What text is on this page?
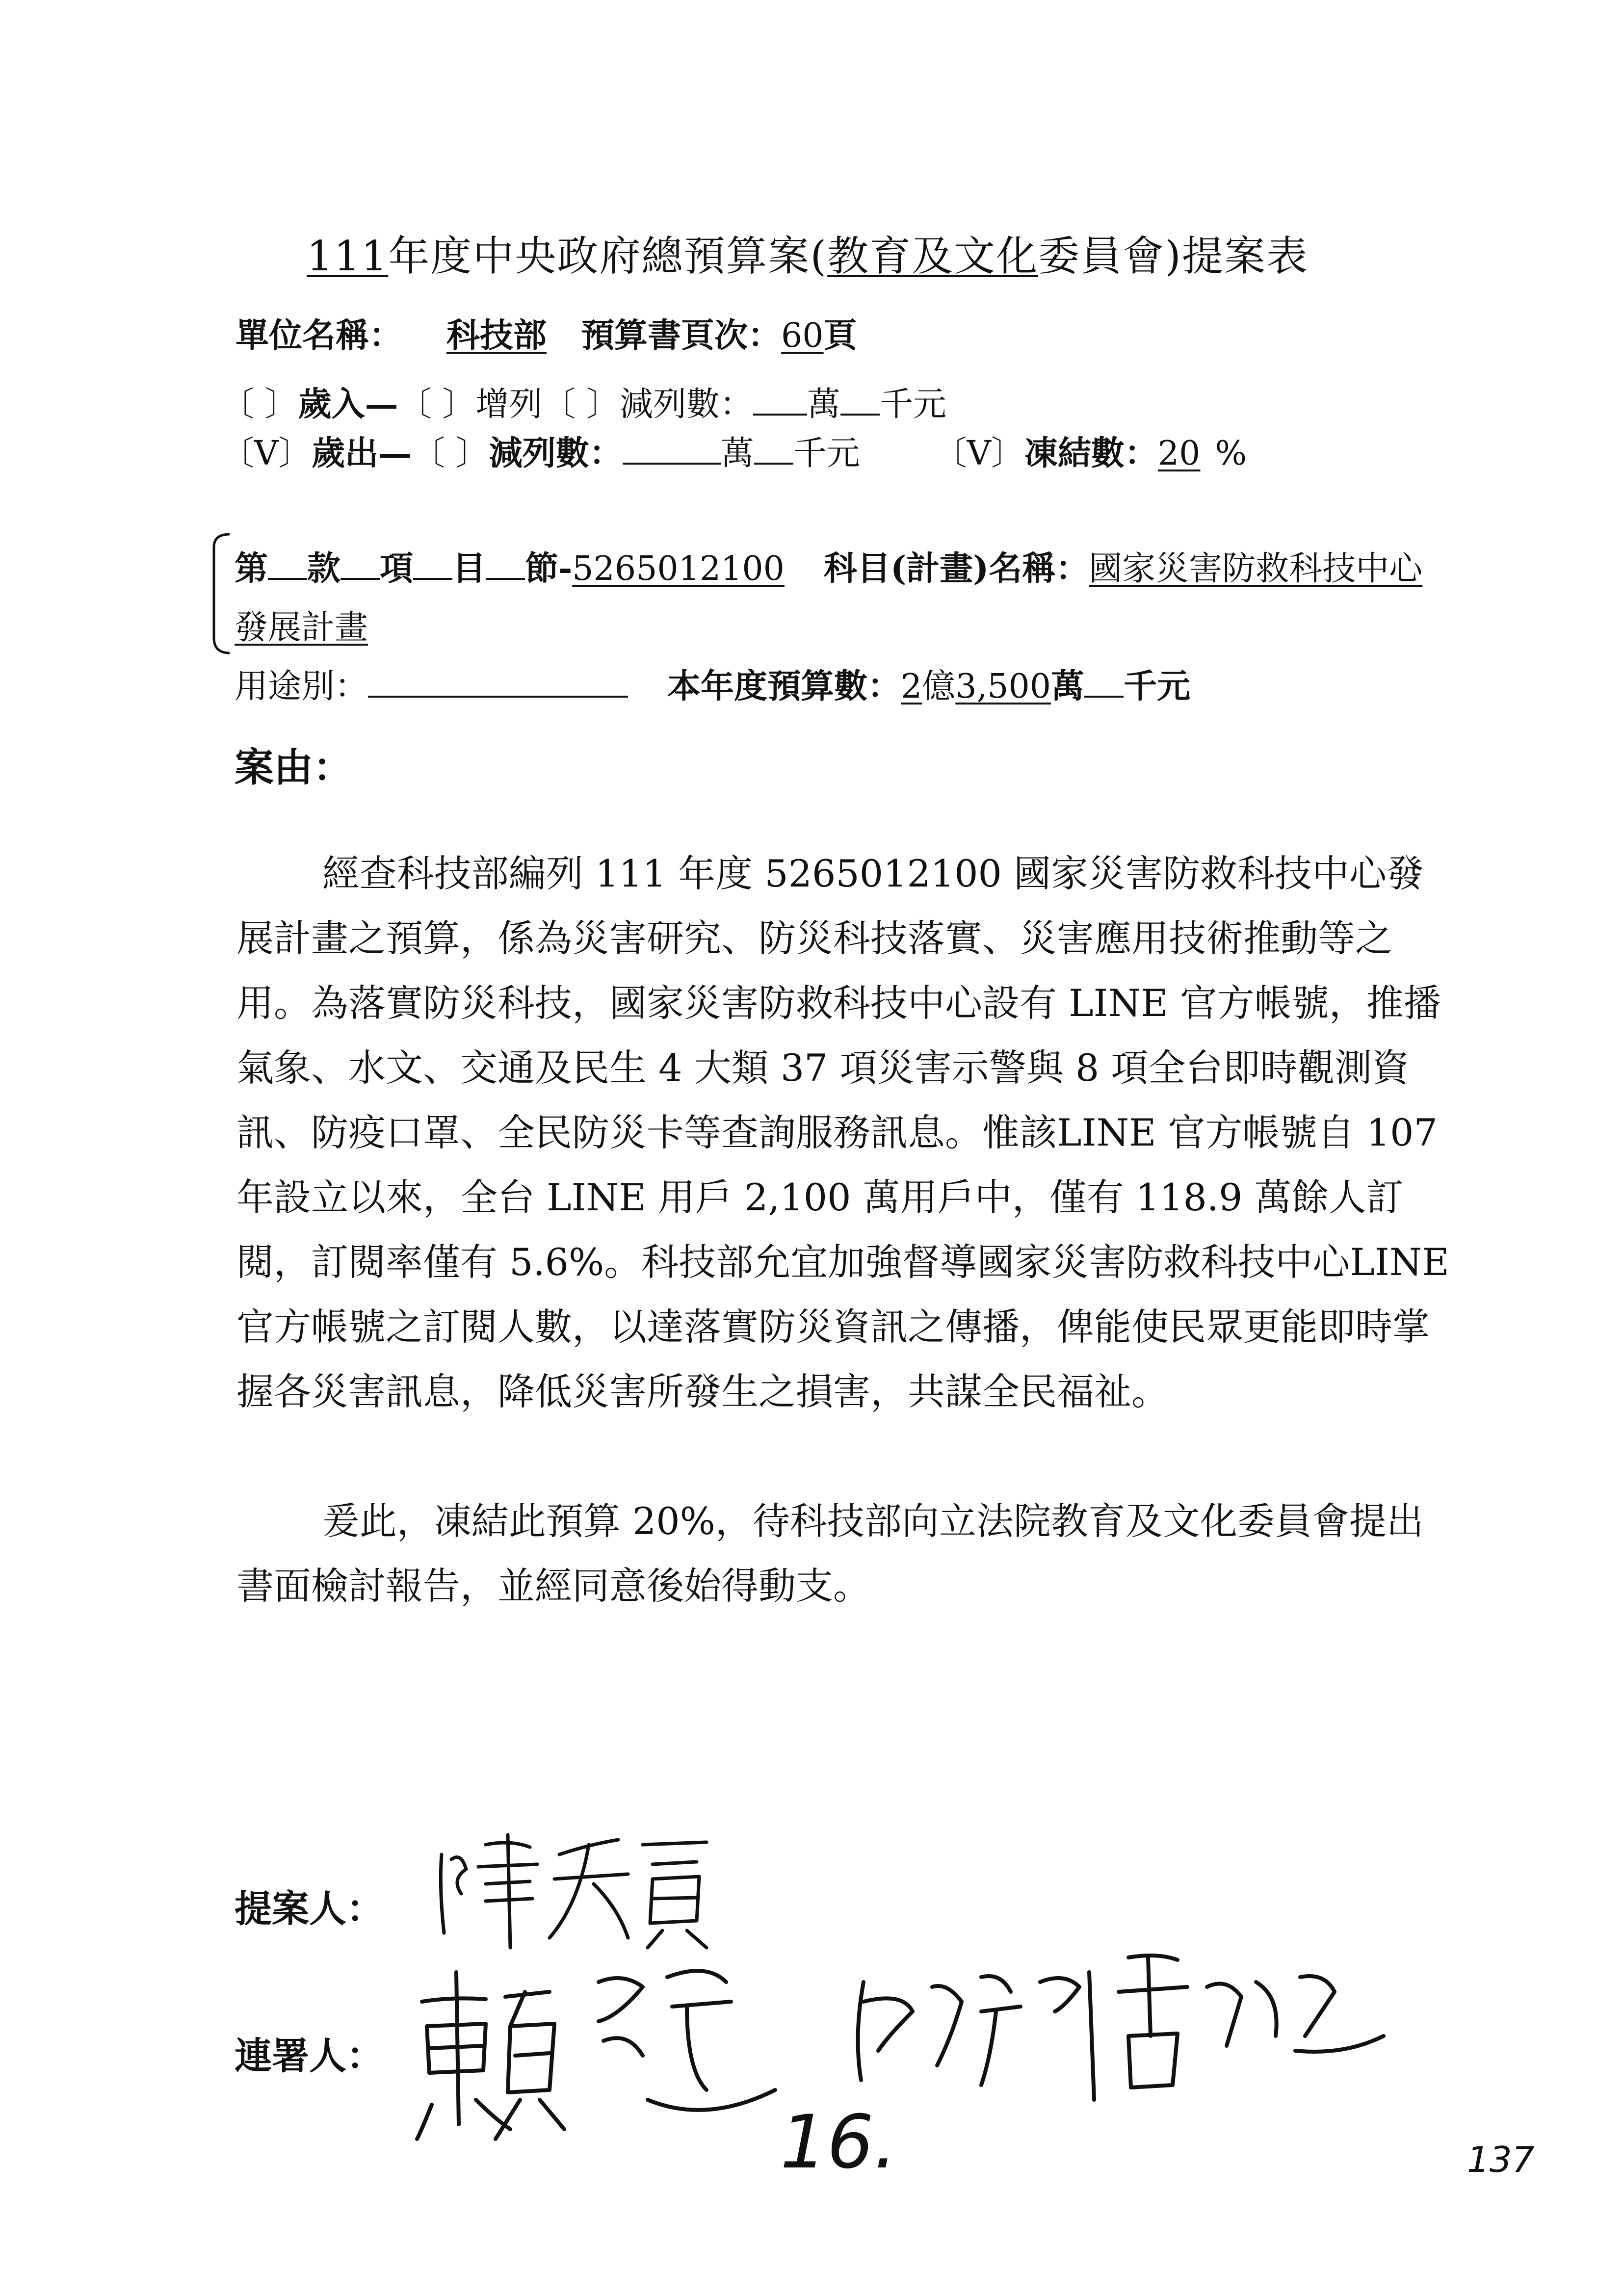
111年度中央政府總預算案(教育及文化委員會)提案表
單位名稱： 科技部 預算書頁次：60頁
〔 〕歲入—〔 〕增列〔 〕減列數： 萬 千元
〔V〕歲出—〔 〕減列數：	萬 千元 〔V〕凍結數：20 %
第 款 項 目 節-5265012100 科目(計畫)名稱：國家災害防救科技中心
發展計畫
用途別：	本年度預算數：2億3,500萬 千元
案由：

經查科技部編列 111 年度 5265012100 國家災害防救科技中心發展計畫之預算，係為災害研究、防災科技落實、災害應用技術推動等之用。為落實防災科技，國家災害防救科技中心設有 LINE 官方帳號，推播氣象、水文、交通及民生 4 大類 37 項災害示警與 8 項全台即時觀測資訊、防疫口罩、全民防災卡等查詢服務訊息。惟該LINE 官方帳號自 107 年設立以來，全台 LINE 用戶 2,100 萬用戶中，僅有 118.9 萬餘人訂閱，訂閱率僅有 5.6%。科技部允宜加強督導國家災害防救科技中心LINE 官方帳號之訂閱人數，以達落實防災資訊之傳播，俾能使民眾更能即時掌握各災害訊息，降低災害所發生之損害，共謀全民福祉。

爰此，凍結此預算 20%，待科技部向立法院教育及文化委員會提出書面檢討報告，並經同意後始得動支。

提案人：
連署人：
16.	137
